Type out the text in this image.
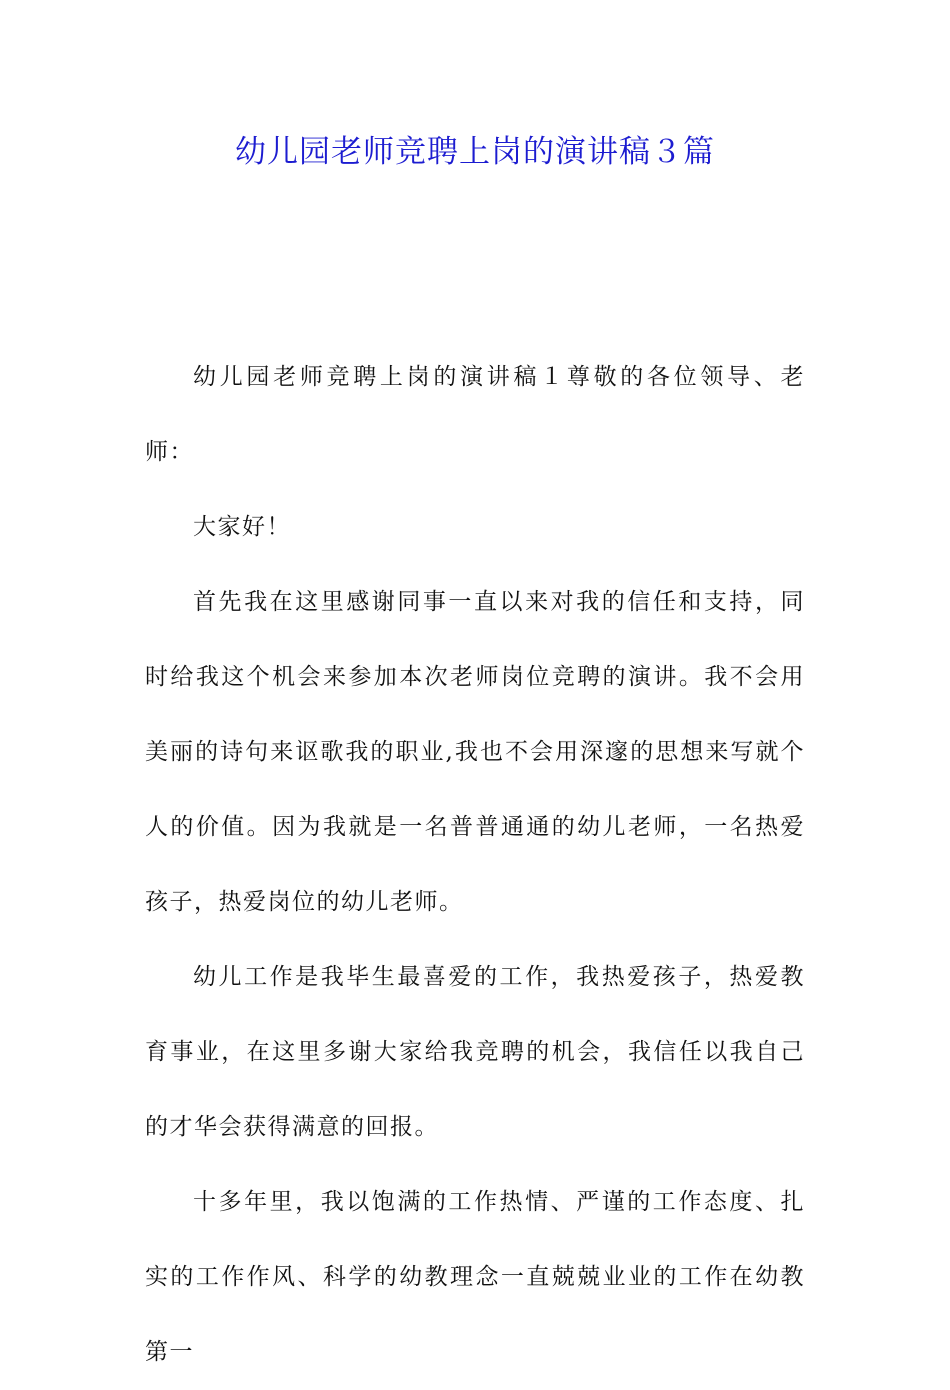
幼儿园老师竞聘上岗的演讲稿３篇

幼儿园老师竞聘上岗的演讲稿１尊敬的各位领导、老师：

大家好！

首先我在这里感谢同事一直以来对我的信任和支持，同时给我这个机会来参加本次老师岗位竞聘的演讲。我不会用美丽的诗句来讴歌我的职业,我也不会用深邃的思想来写就个人的价值。因为我就是一名普普通通的幼儿老师，一名热爱孩子，热爱岗位的幼儿老师。

幼儿工作是我毕生最喜爱的工作，我热爱孩子，热爱教育事业，在这里多谢大家给我竞聘的机会，我信任以我自己的才华会获得满意的回报。

十多年里，我以饱满的工作热情、严谨的工作态度、扎实的工作作风、科学的幼教理念一直兢兢业业的工作在幼教第一
